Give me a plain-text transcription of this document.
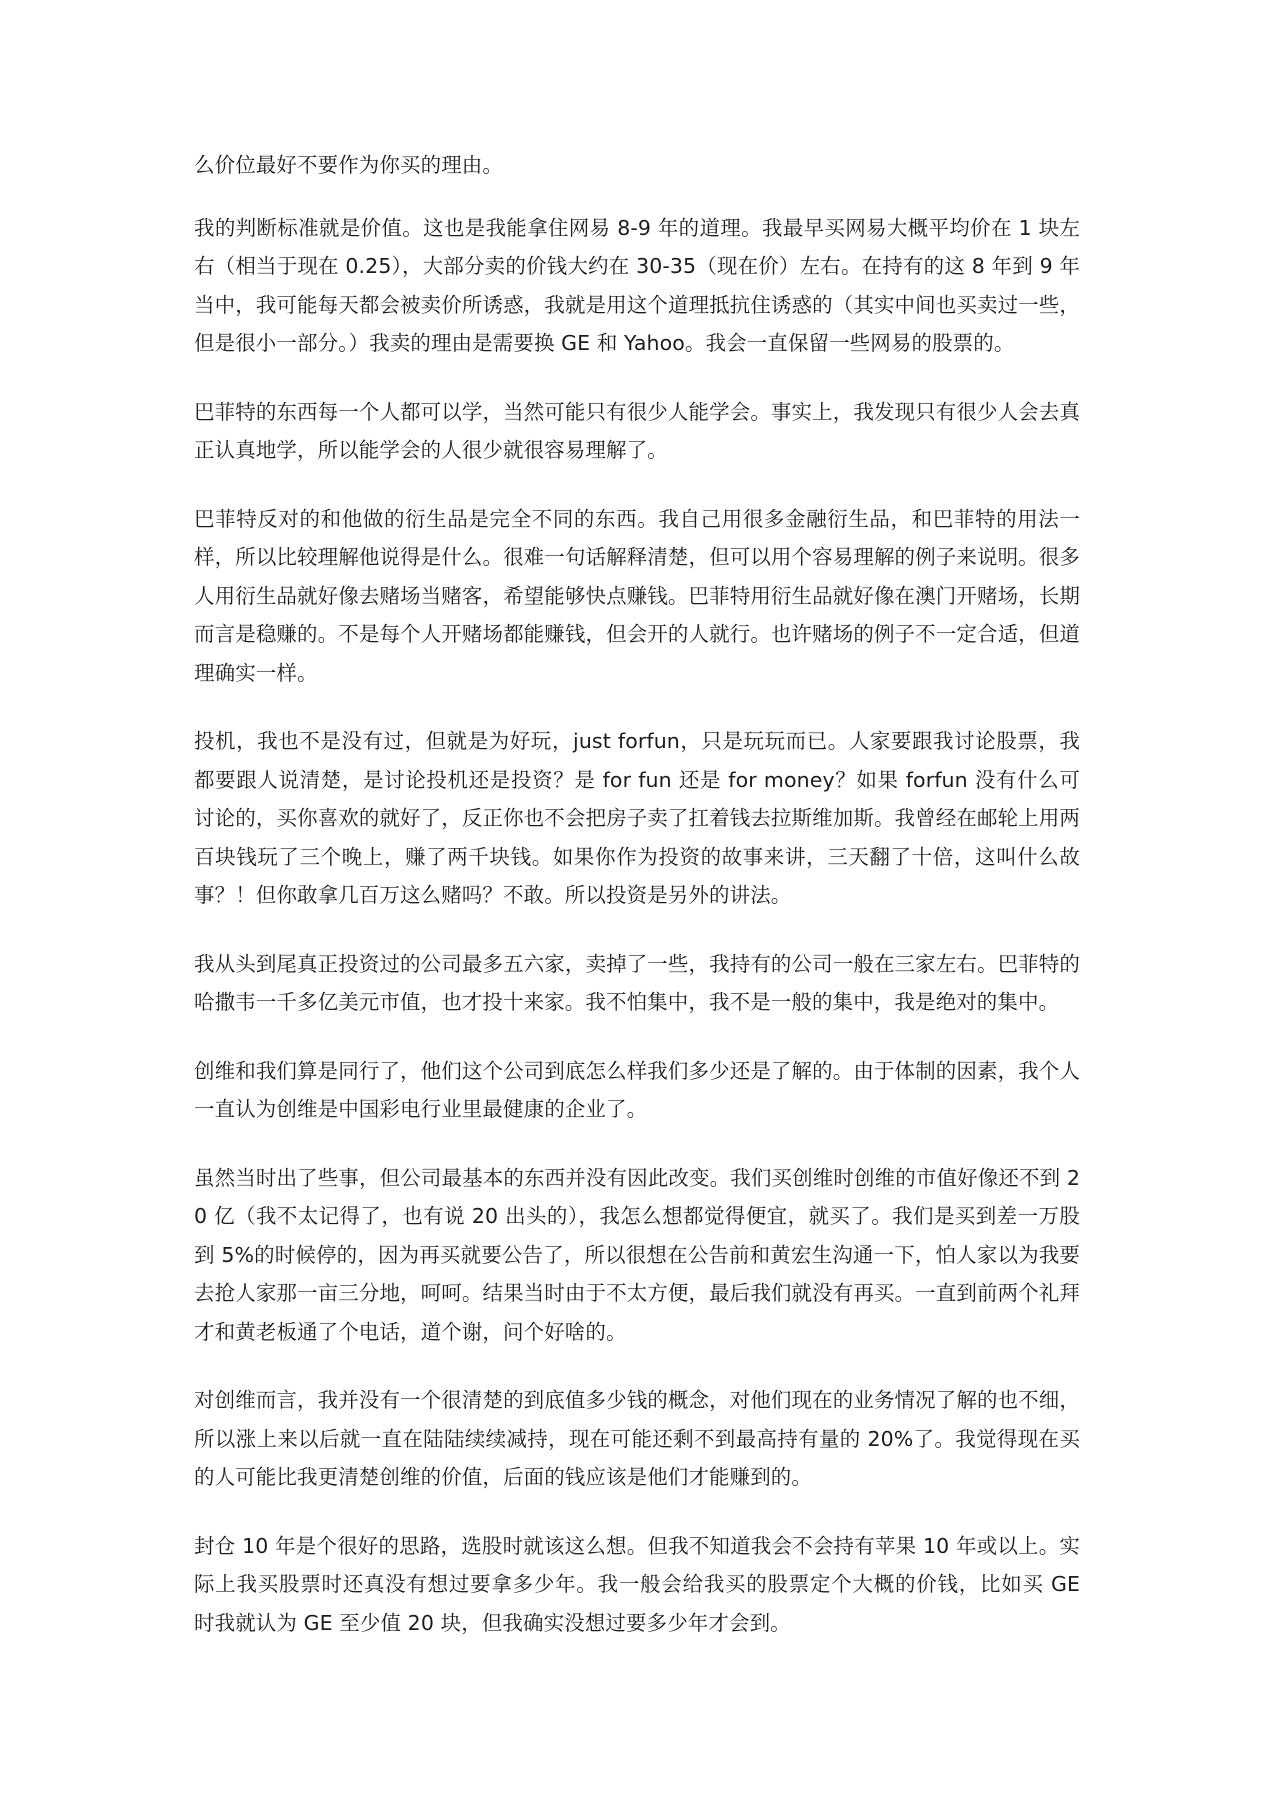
么价位最好不要作为你买的理由。

我的判断标准就是价值。这也是我能拿住网易 8-9 年的道理。我最早买网易大概平均价在 1 块左右（相当于现在 0.25），大部分卖的价钱大约在 30-35（现在价）左右。在持有的这 8 年到 9 年当中，我可能每天都会被卖价所诱惑，我就是用这个道理抵抗住诱惑的（其实中间也买卖过一些，但是很小一部分。）我卖的理由是需要换 GE 和 Yahoo。我会一直保留一些网易的股票的。

巴菲特的东西每一个人都可以学，当然可能只有很少人能学会。事实上，我发现只有很少人会去真正认真地学，所以能学会的人很少就很容易理解了。

巴菲特反对的和他做的衍生品是完全不同的东西。我自己用很多金融衍生品，和巴菲特的用法一样，所以比较理解他说得是什么。很难一句话解释清楚，但可以用个容易理解的例子来说明。很多人用衍生品就好像去赌场当赌客，希望能够快点赚钱。巴菲特用衍生品就好像在澳门开赌场，长期而言是稳赚的。不是每个人开赌场都能赚钱，但会开的人就行。也许赌场的例子不一定合适，但道理确实一样。

投机，我也不是没有过，但就是为好玩，just forfun，只是玩玩而已。人家要跟我讨论股票，我都要跟人说清楚，是讨论投机还是投资？是 for fun 还是 for money？如果 forfun 没有什么可讨论的，买你喜欢的就好了，反正你也不会把房子卖了扛着钱去拉斯维加斯。我曾经在邮轮上用两百块钱玩了三个晚上，赚了两千块钱。如果你作为投资的故事来讲，三天翻了十倍，这叫什么故事？！但你敢拿几百万这么赌吗？不敢。所以投资是另外的讲法。

我从头到尾真正投资过的公司最多五六家，卖掉了一些，我持有的公司一般在三家左右。巴菲特的哈撒韦一千多亿美元市值，也才投十来家。我不怕集中，我不是一般的集中，我是绝对的集中。

创维和我们算是同行了，他们这个公司到底怎么样我们多少还是了解的。由于体制的因素，我个人一直认为创维是中国彩电行业里最健康的企业了。

虽然当时出了些事，但公司最基本的东西并没有因此改变。我们买创维时创维的市值好像还不到 20 亿（我不太记得了，也有说 20 出头的），我怎么想都觉得便宜，就买了。我们是买到差一万股到 5%的时候停的，因为再买就要公告了，所以很想在公告前和黄宏生沟通一下，怕人家以为我要去抢人家那一亩三分地，呵呵。结果当时由于不太方便，最后我们就没有再买。一直到前两个礼拜才和黄老板通了个电话，道个谢，问个好啥的。

对创维而言，我并没有一个很清楚的到底值多少钱的概念，对他们现在的业务情况了解的也不细，所以涨上来以后就一直在陆陆续续减持，现在可能还剩不到最高持有量的 20%了。我觉得现在买的人可能比我更清楚创维的价值，后面的钱应该是他们才能赚到的。

封仓 10 年是个很好的思路，选股时就该这么想。但我不知道我会不会持有苹果 10 年或以上。实际上我买股票时还真没有想过要拿多少年。我一般会给我买的股票定个大概的价钱，比如买 GE 时我就认为 GE 至少值 20 块，但我确实没想过要多少年才会到。
